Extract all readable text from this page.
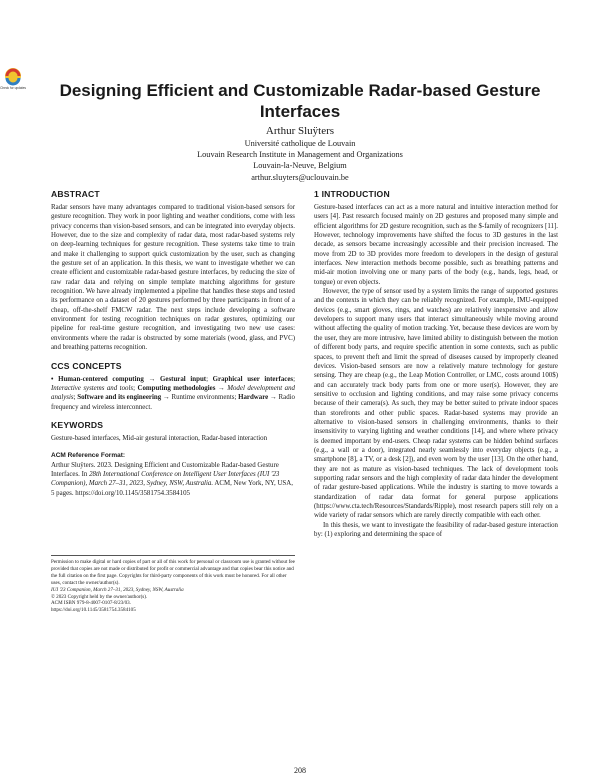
Check for updates	Designing Efficient and Customizable Radar-based Gesture Interfaces
Arthur Sluÿters
Université catholique de Louvain
Louvain Research Institute in Management and Organizations
Louvain-la-Neuve, Belgium
arthur.sluyters@uclouvain.be
ABSTRACT

Radar sensors have many advantages compared to traditional vision-based sensors for gesture recognition. They work in poor lighting and weather conditions, come with less privacy concerns than vision-based sensors, and can be integrated into everyday objects. However, due to the size and complexity of radar data, most radar-based systems rely on deep-learning techniques for gesture recognition. These systems take time to train and make it challenging to support quick customization by the user, such as changing the gesture set of an application. In this thesis, we want to investigate whether we can create efficient and customizable radar-based gesture interfaces, by reducing the size of raw radar data and relying on simple template matching algorithms for gesture recognition. We have already implemented a pipeline that handles these steps and tested its performance on a dataset of 20 gestures performed by three participants in front of a cheap, off-the-shelf FMCW radar. The next steps include developing a software environment for testing recognition techniques on radar gestures, optimizing our pipeline for real-time gesture recognition, and investigating two new use cases: environments where the radar is obstructed by some materials (wood, glass, and PVC) and breathing patterns recognition.

CCS CONCEPTS

• Human-centered computing → Gestural input; Graphical user interfaces; Interactive systems and tools; Computing methodologies → Model development and analysis; Software and its engineering → Runtime environments; Hardware → Radio frequency and wireless interconnect.

KEYWORDS

Gesture-based interfaces, Mid-air gestural interaction, Radar-based interaction

ACM Reference Format:

Arthur Sluÿters. 2023. Designing Efficient and Customizable Radar-based Gesture Interfaces. In 28th International Conference on Intelligent User Interfaces (IUI '23 Companion), March 27–31, 2023, Sydney, NSW, Australia. ACM, New York, NY, USA, 5 pages. https://doi.org/10.1145/3581754.3584105

Permission to make digital or hard copies of part or all of this work for personal or classroom use is granted without fee provided that copies are not made or distributed for profit or commercial advantage and that copies bear this notice and the full citation on the first page. Copyrights for third-party components of this work must be honored. For all other uses, contact the owner/author(s).
IUI '23 Companion, March 27–31, 2023, Sydney, NSW, Australia
© 2023 Copyright held by the owner/author(s).
ACM ISBN 979-8-4007-0107-8/23/03.
https://doi.org/10.1145/3581754.3584105
1 INTRODUCTION

Gesture-based interfaces can act as a more natural and intuitive interaction method for users [4]. Past research focused mainly on 2D gestures and proposed many simple and efficient algorithms for 2D gesture recognition, such as the $-family of recognizers [11]. However, technology improvements have shifted the focus to 3D gestures in the last decade, as sensors became increasingly accessible and their precision increased. The move from 2D to 3D provides more freedom to developers in the design of gestural interfaces. New interaction methods become possible, such as breathing patterns and mid-air motion involving one or many parts of the body (e.g., hands, legs, head, or tongue) or even objects.

However, the type of sensor used by a system limits the range of supported gestures and the contexts in which they can be reliably recognized. For example, IMU-equipped devices (e.g., smart gloves, rings, and watches) are relatively inexpensive and allow developers to support many users that interact simultaneously while moving around without affecting the quality of motion tracking. Yet, because these devices are worn by the user, they are more intrusive, have limited ability to distinguish between the motion of different body parts, and require specific attention in some contexts, such as public spaces, to prevent theft and limit the spread of diseases caused by improperly cleaned devices. Vision-based sensors are now a relatively mature technology for gesture sensing. They are cheap (e.g., the Leap Motion Controller, or LMC, costs around 100$) and can accurately track body parts from one or more user(s). However, they are sensitive to occlusion and lighting conditions, and may raise some privacy concerns because of their camera(s). As such, they may be better suited to private indoor spaces than storefronts and other public spaces. Radar-based systems may provide an alternative to vision-based sensors in challenging environments, thanks to their insensitivity to varying lighting and weather conditions [14], and where where privacy is deemed important by end-users. Cheap radar systems can be hidden behind surfaces (e.g., a wall or a door), integrated nearly seamlessly into everyday objects (e.g., a smartphone [8], a TV, or a desk [2]), and even worn by the user [13]. On the other hand, they are not as mature as vision-based techniques. The lack of development tools supporting radar sensors and the high complexity of radar data hinder the development of radar gesture-based applications. While the industry is starting to move towards a standardization of radar data format for general purpose applications (https://www.cta.tech/Resources/Standards/Ripple), most research papers still rely on a wide variety of radar sensors which are rarely directly compatible with each other.

In this thesis, we want to investigate the feasibility of radar-based gesture interaction by: (1) exploring and determining the space of

208
